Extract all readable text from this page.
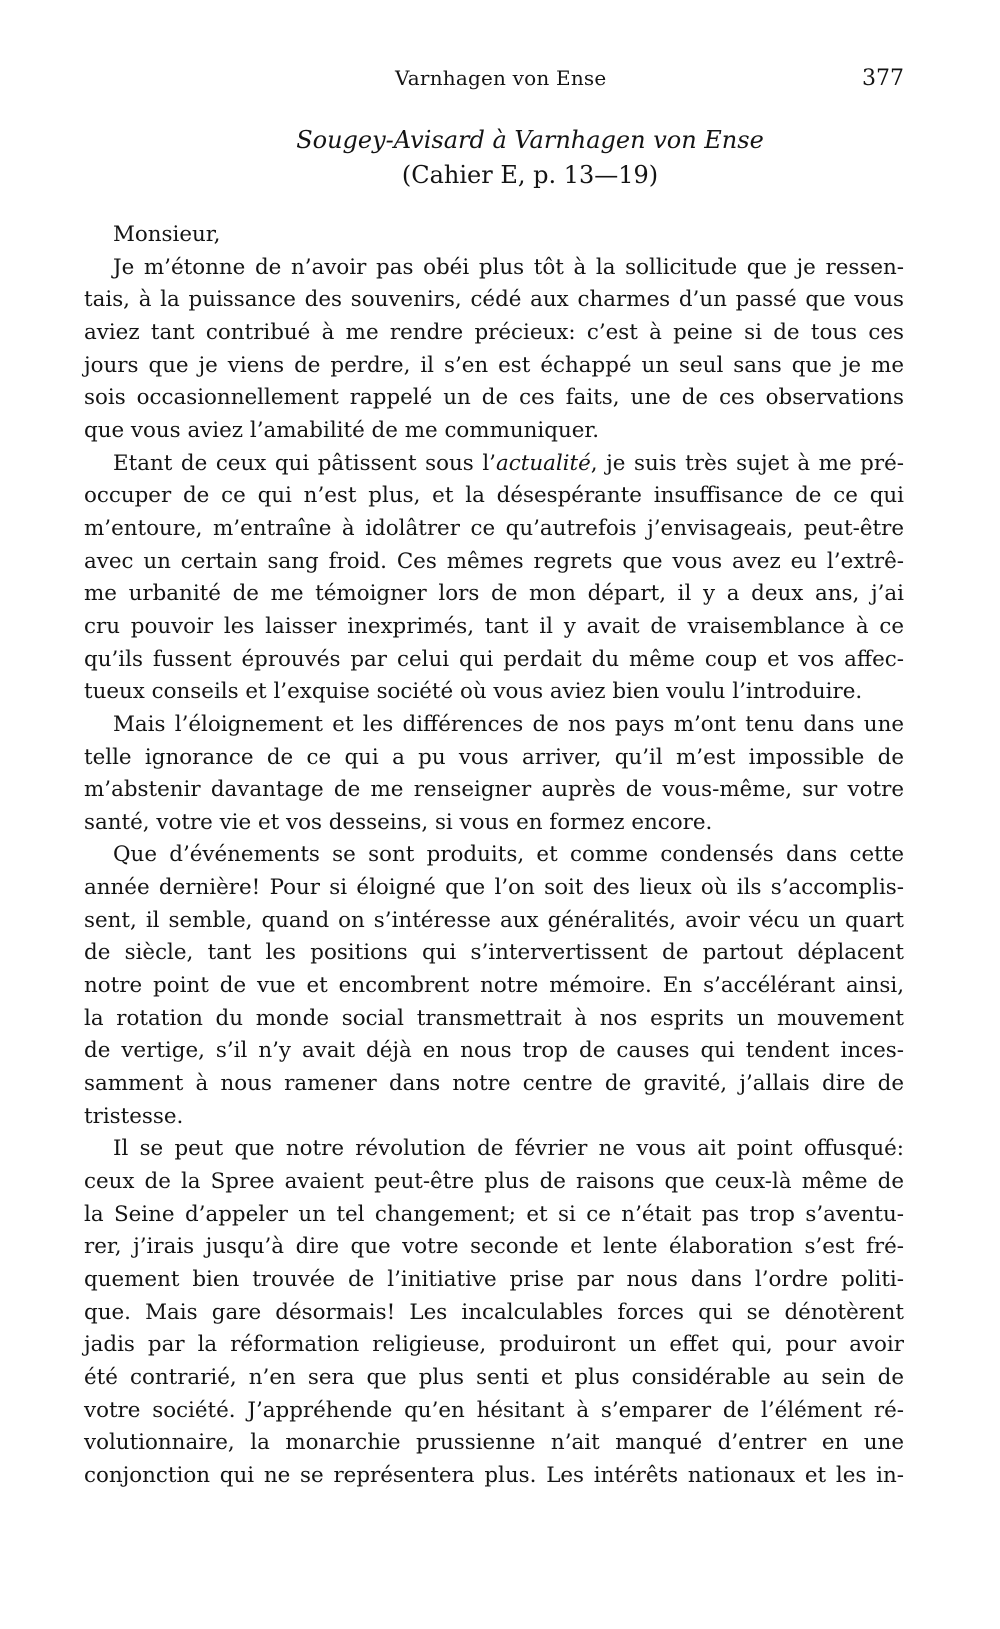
Varnhagen von Ense	377
Sougey-Avisard à Varnhagen von Ense
(Cahier E, p. 13—19)

Monsieur,

Je m’étonne de n’avoir pas obéi plus tôt à la sollicitude que je ressen-
tais, à la puissance des souvenirs, cédé aux charmes d’un passé que vous
aviez tant contribué à me rendre précieux: c’est à peine si de tous ces
jours que je viens de perdre, il s’en est échappé un seul sans que je me
sois occasionnellement rappelé un de ces faits, une de ces observations
que vous aviez l’amabilité de me communiquer.
Etant de ceux qui pâtissent sous l’actualité, je suis très sujet à me pré-
occuper de ce qui n’est plus, et la désespérante insuffisance de ce qui
m’entoure, m’entraîne à idolâtrer ce qu’autrefois j’envisageais, peut-être
avec un certain sang froid. Ces mêmes regrets que vous avez eu l’extrê-
me urbanité de me témoigner lors de mon départ, il y a deux ans, j’ai
cru pouvoir les laisser inexprimés, tant il y avait de vraisemblance à ce
qu’ils fussent éprouvés par celui qui perdait du même coup et vos affec-
tueux conseils et l’exquise société où vous aviez bien voulu l’introduire.
Mais l’éloignement et les différences de nos pays m’ont tenu dans une
telle ignorance de ce qui a pu vous arriver, qu’il m’est impossible de
m’abstenir davantage de me renseigner auprès de vous-même, sur votre
santé, votre vie et vos desseins, si vous en formez encore.
Que d’événements se sont produits, et comme condensés dans cette
année dernière! Pour si éloigné que l’on soit des lieux où ils s’accomplis-
sent, il semble, quand on s’intéresse aux généralités, avoir vécu un quart
de siècle, tant les positions qui s’intervertissent de partout déplacent
notre point de vue et encombrent notre mémoire. En s’accélérant ainsi,
la rotation du monde social transmettrait à nos esprits un mouvement
de vertige, s’il n’y avait déjà en nous trop de causes qui tendent inces-
samment à nous ramener dans notre centre de gravité, j’allais dire de
tristesse.
Il se peut que notre révolution de février ne vous ait point offusqué:
ceux de la Spree avaient peut-être plus de raisons que ceux-là même de
la Seine d’appeler un tel changement; et si ce n’était pas trop s’aventu-
rer, j’irais jusqu’à dire que votre seconde et lente élaboration s’est fré-
quement bien trouvée de l’initiative prise par nous dans l’ordre politi-
que. Mais gare désormais! Les incalculables forces qui se dénotèrent
jadis par la réformation religieuse, produiront un effet qui, pour avoir
été contrarié, n’en sera que plus senti et plus considérable au sein de
votre société. J’appréhende qu’en hésitant à s’emparer de l’élément ré-
volutionnaire, la monarchie prussienne n’ait manqué d’entrer en une
conjonction qui ne se représentera plus. Les intérêts nationaux et les in-
